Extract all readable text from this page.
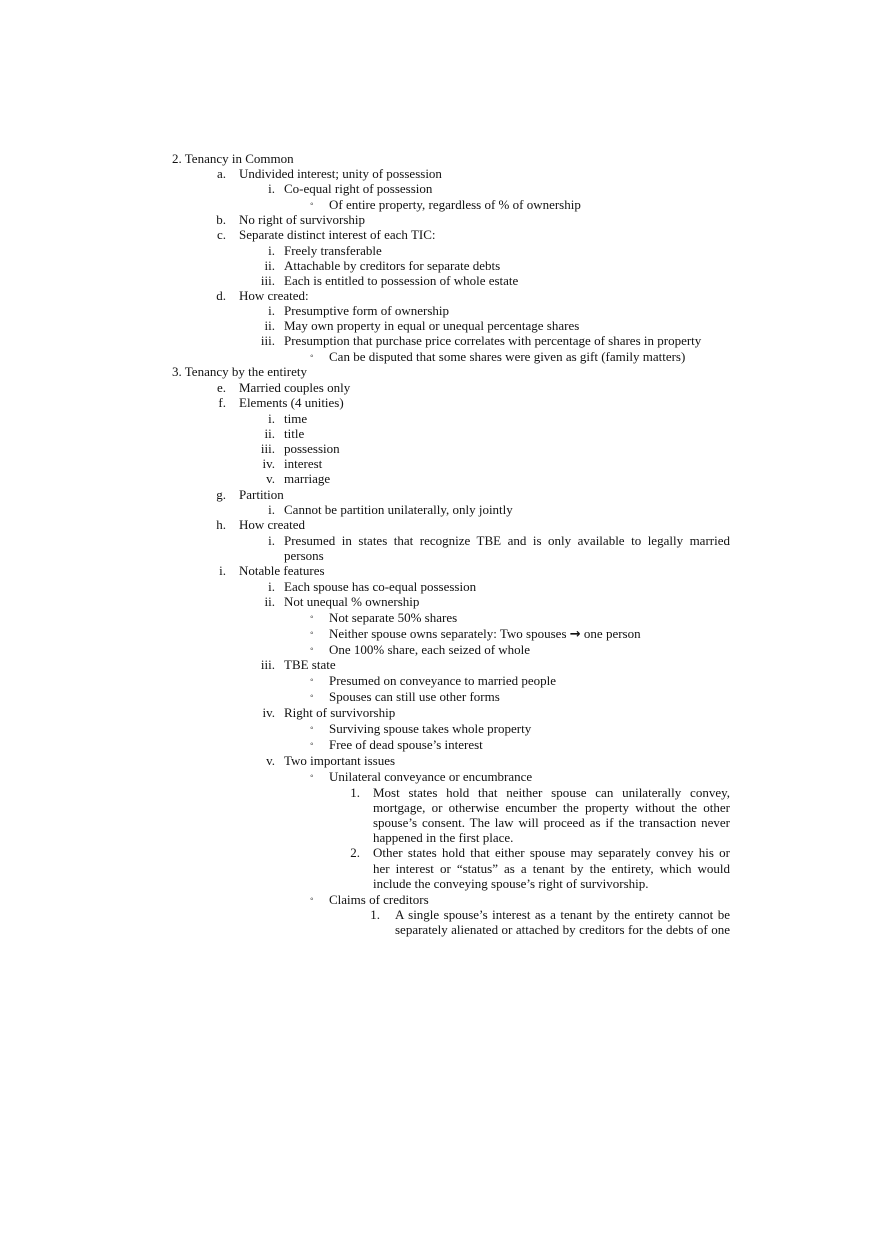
2. Tenancy in Common
a. Undivided interest; unity of possession
i. Co-equal right of possession
◦ Of entire property, regardless of % of ownership
b. No right of survivorship
c. Separate distinct interest of each TIC:
i. Freely transferable
ii. Attachable by creditors for separate debts
iii. Each is entitled to possession of whole estate
d. How created:
i. Presumptive form of ownership
ii. May own property in equal or unequal percentage shares
iii. Presumption that purchase price correlates with percentage of shares in property
◦ Can be disputed that some shares were given as gift (family matters)
3. Tenancy by the entirety
e. Married couples only
f. Elements (4 unities)
i. time
ii. title
iii. possession
iv. interest
v. marriage
g. Partition
i. Cannot be partition unilaterally, only jointly
h. How created
i. Presumed in states that recognize TBE and is only available to legally married
persons
i. Notable features
i. Each spouse has co-equal possession
ii. Not unequal % ownership
◦ Not separate 50% shares
◦ Neither spouse owns separately: Two spouses → one person
◦ One 100% share, each seized of whole
iii. TBE state
◦ Presumed on conveyance to married people
◦ Spouses can still use other forms
iv. Right of survivorship
◦ Surviving spouse takes whole property
◦ Free of dead spouse’s interest
v. Two important issues
◦ Unilateral conveyance or encumbrance
1. Most states hold that neither spouse can unilaterally convey,
mortgage, or otherwise encumber the property without the other
spouse’s consent. The law will proceed as if the transaction never
happened in the first place.
2. Other states hold that either spouse may separately convey his or
her interest or “status” as a tenant by the entirety, which would
include the conveying spouse’s right of survivorship.
◦ Claims of creditors
1. A single spouse’s interest as a tenant by the entirety cannot be
separately alienated or attached by creditors for the debts of one
